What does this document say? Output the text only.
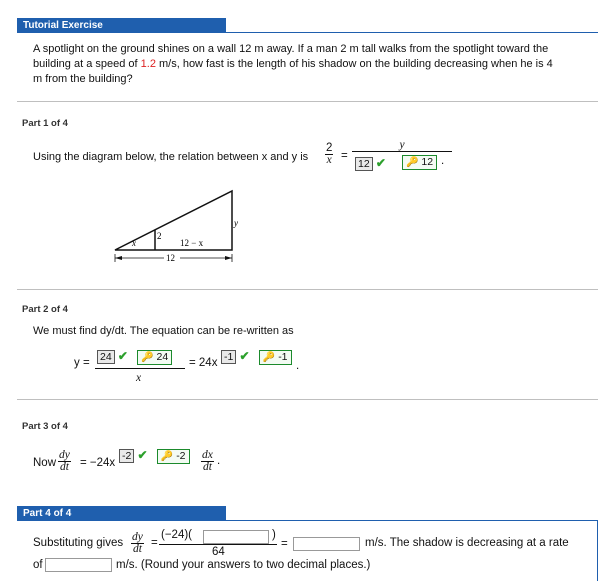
Tutorial Exercise
A spotlight on the ground shines on a wall 12 m away. If a man 2 m tall walks from the spotlight toward the
building at a speed of 1.2 m/s, how fast is the length of his shadow on the building decreasing when he is 4
m from the building?
Part 1 of 4
Using the diagram below, the relation between x and y is $\frac{2}{x}$ =
y
12 ✔	🔑 12 .
x
2
12 − x
y
12
Part 2 of 4
We must find dy/dt. The equation can be re-written as
y = 24 ✔ 🔑 24
x
= 24x -1 ✔ 🔑 -1
.
Part 3 of 4
Now $\frac{dy}{dt} = -24x$
-2 ✔ 🔑 -2	$\frac{dx}{dt}$ .
Part 4 of 4
Substituting gives $\frac{dy}{dt}$ =
(−24)(	)
64
=	m/s. The shadow is decreasing at a rate
of	m/s. (Round your answers to two decimal places.)
